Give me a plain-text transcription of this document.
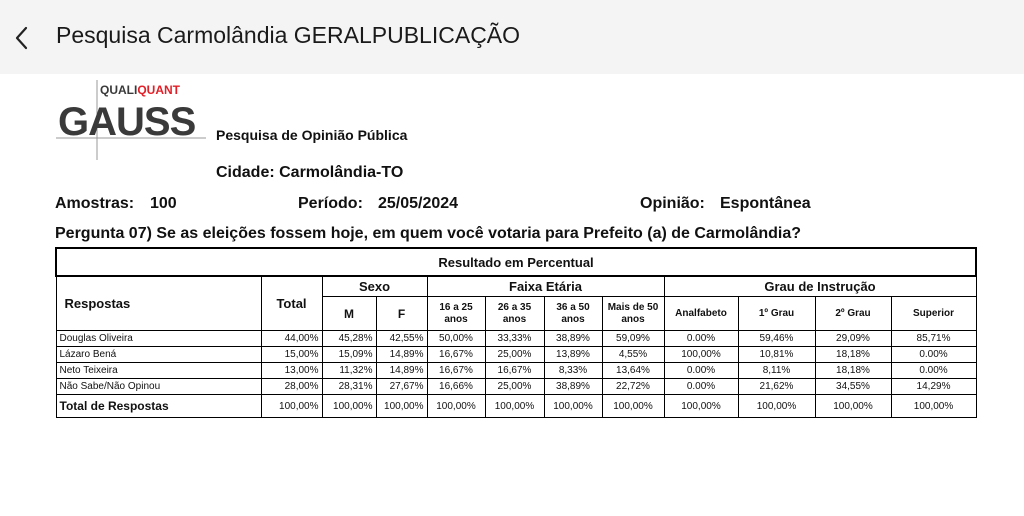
Pesquisa Carmolândia GERALPUBLICAÇÃO
QUALIQUANT
GAUSS Pesquisa de Opinião Pública
Cidade: Carmolândia-TO
Amostras: 100	Período: 25/05/2024	Opinião: Espontânea
Pergunta 07) Se as eleições fossem hoje, em quem você votaria para Prefeito (a) de Carmolândia?
Resultado em Percentual											
Respostas	Total	Sexo		Faixa Etária				Grau de Instrução			
		M	F	16 a 25 anos	26 a 35 anos	36 a 50 anos	Mais de 50 anos	Analfabeto	1º Grau	2º Grau	Superior
Douglas Oliveira	44,00%	45,28%	42,55%	50,00%	33,33%	38,89%	59,09%	0.00%	59,46%	29,09%	85,71%
Lázaro Bená	15,00%	15,09%	14,89%	16,67%	25,00%	13,89%	4,55%	100,00%	10,81%	18,18%	0.00%
Neto Teixeira	13,00%	11,32%	14,89%	16,67%	16,67%	8,33%	13,64%	0.00%	8,11%	18,18%	0.00%
Não Sabe/Não Opinou	28,00%	28,31%	27,67%	16,66%	25,00%	38,89%	22,72%	0.00%	21,62%	34,55%	14,29%
Total de Respostas	100,00%	100,00%	100,00%	100,00%	100,00%	100,00%	100,00%	100,00%	100,00%	100,00%	100,00%
